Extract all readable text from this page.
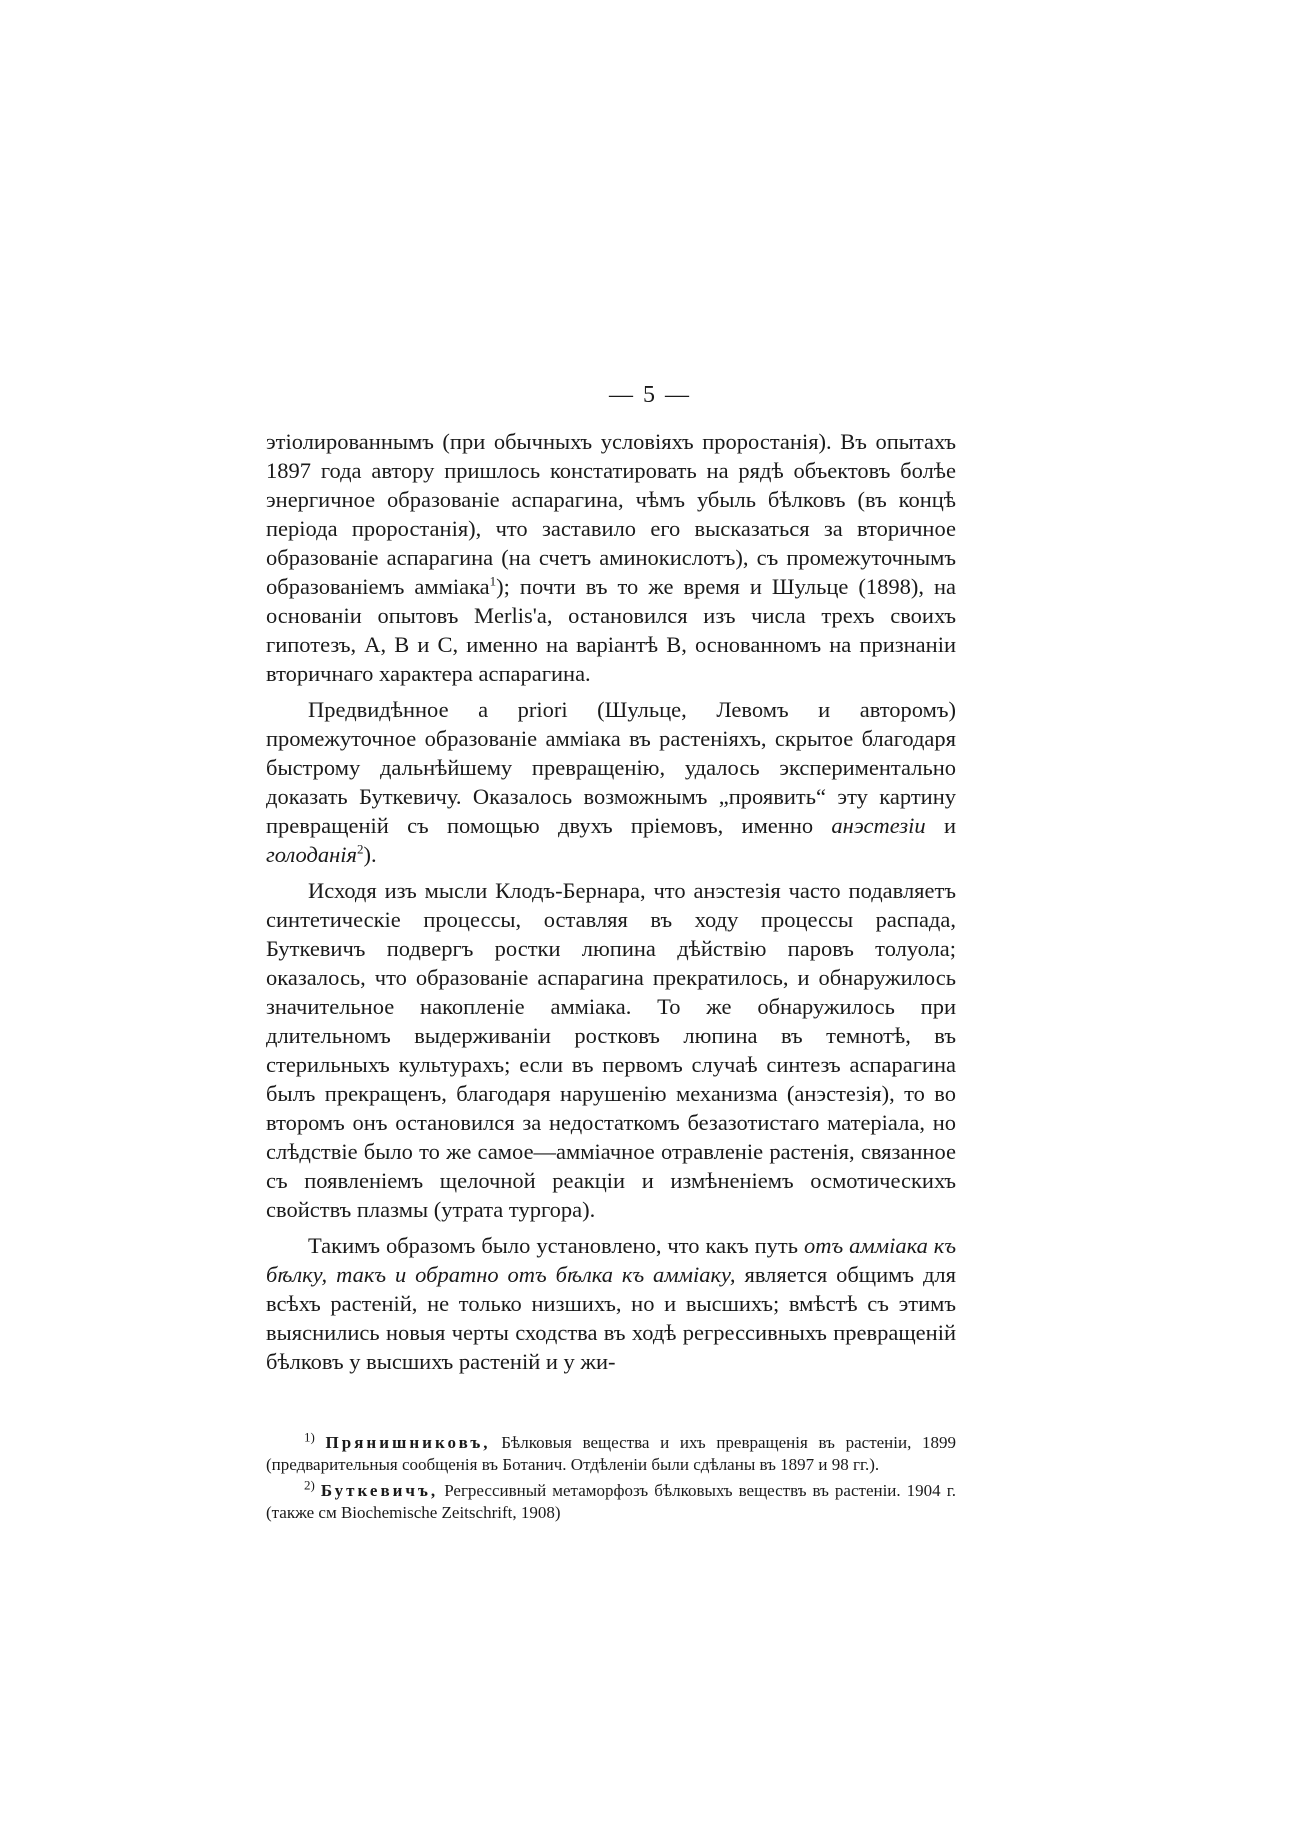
— 5 —

этіолированнымъ (при обычныхъ условіяхъ проростанія). Въ опытахъ 1897 года автору пришлось констатировать на рядѣ объектовъ болѣе энергичное образованіе аспарагина, чѣмъ убыль бѣлковъ (въ концѣ періода проростанія), что заставило его высказаться за вторичное образованіе аспарагина (на счетъ аминокислотъ), съ промежуточнымъ образованіемъ амміака$^1$); почти въ то же время и Шульце (1898), на основаніи опытовъ Merlis'а, остановился изъ числа трехъ своихъ гипотезъ, А, В и С, именно на варіантѣ В, основанномъ на признаніи вторичнаго характера аспарагина.

Предвидѣнное a priori (Шульце, Левомъ и авторомъ) промежуточное образованіе амміака въ растеніяхъ, скрытое благодаря быстрому дальнѣйшему превращенію, удалось экспериментально доказать Буткевичу. Оказалось возможнымъ „проявить“ эту картину превращеній съ помощью двухъ пріемовъ, именно анэстезіи и голоданія$^2$).

Исходя изъ мысли Клодъ-Бернара, что анэстезія часто подавляетъ синтетическіе процессы, оставляя въ ходу процессы распада, Буткевичъ подвергъ ростки люпина дѣйствію паровъ толуола; оказалось, что образованіе аспарагина прекратилось, и обнаружилось значительное накопленіе амміака. То же обнаружилось при длительномъ выдерживаніи ростковъ люпина въ темнотѣ, въ стерильныхъ культурахъ; если въ первомъ случаѣ синтезъ аспарагина былъ прекращенъ, благодаря нарушенію механизма (анэстезія), то во второмъ онъ остановился за недостаткомъ безазотистаго матеріала, но слѣдствіе было то же самое—амміачное отравленіе растенія, связанное съ появленіемъ щелочной реакціи и измѣненіемъ осмотическихъ свойствъ плазмы (утрата тургора).

Такимъ образомъ было установлено, что какъ путь отъ амміака къ бѣлку, такъ и обратно отъ бѣлка къ амміаку, является общимъ для всѣхъ растеній, не только низшихъ, но и высшихъ; вмѣстѣ съ этимъ выяснились новыя черты сходства въ ходѣ регрессивныхъ превращеній бѣлковъ у высшихъ растеній и у жи-

$^{1)}$ Прянишниковъ, Бѣлковыя вещества и ихъ превращенія въ растеніи, 1899 (предварительныя сообщенія въ Ботанич. Отдѣленіи были сдѣланы въ 1897 и 98 гг.).

$^{2)}$ Буткевичъ, Регрессивный метаморфозъ бѣлковыхъ веществъ въ растеніи. 1904 г. (также см Biochemische Zeitschrift, 1908)
